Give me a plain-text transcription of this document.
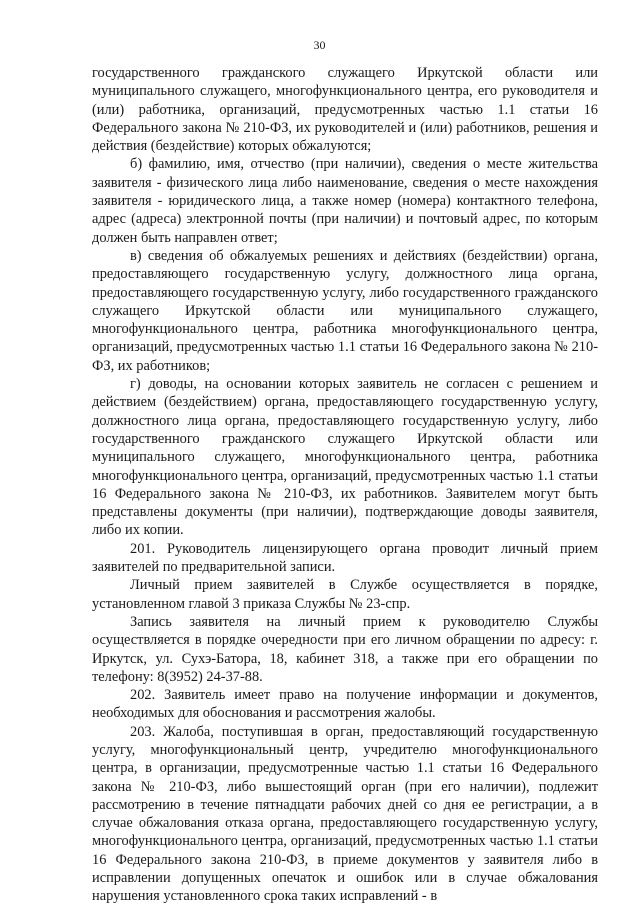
30

государственного гражданского служащего Иркутской области или муниципального служащего, многофункционального центра, его руководителя и (или) работника, организаций, предусмотренных частью 1.1 статьи 16 Федерального закона № 210-ФЗ, их руководителей и (или) работников, решения и действия (бездействие) которых обжалуются;

б) фамилию, имя, отчество (при наличии), сведения о месте жительства заявителя - физического лица либо наименование, сведения о месте нахождения заявителя - юридического лица, а также номер (номера) контактного телефона, адрес (адреса) электронной почты (при наличии) и почтовый адрес, по которым должен быть направлен ответ;

в) сведения об обжалуемых решениях и действиях (бездействии) органа, предоставляющего государственную услугу, должностного лица органа, предоставляющего государственную услугу, либо государственного гражданского служащего Иркутской области или муниципального служащего, многофункционального центра, работника многофункционального центра, организаций, предусмотренных частью 1.1 статьи 16 Федерального закона № 210-ФЗ, их работников;

г) доводы, на основании которых заявитель не согласен с решением и действием (бездействием) органа, предоставляющего государственную услугу, должностного лица органа, предоставляющего государственную услугу, либо государственного гражданского служащего Иркутской области или муниципального служащего, многофункционального центра, работника многофункционального центра, организаций, предусмотренных частью 1.1 статьи 16 Федерального закона № 210-ФЗ, их работников. Заявителем могут быть представлены документы (при наличии), подтверждающие доводы заявителя, либо их копии.

201. Руководитель лицензирующего органа проводит личный прием заявителей по предварительной записи.

Личный прием заявителей в Службе осуществляется в порядке, установленном главой 3 приказа Службы № 23-спр.

Запись заявителя на личный прием к руководителю Службы осуществляется в порядке очередности при его личном обращении по адресу: г. Иркутск, ул. Сухэ-Батора, 18, кабинет 318, а также при его обращении по телефону: 8(3952) 24-37-88.

202. Заявитель имеет право на получение информации и документов, необходимых для обоснования и рассмотрения жалобы.

203. Жалоба, поступившая в орган, предоставляющий государственную услугу, многофункциональный центр, учредителю многофункционального центра, в организации, предусмотренные частью 1.1 статьи 16 Федерального закона № 210-ФЗ, либо вышестоящий орган (при его наличии), подлежит рассмотрению в течение пятнадцати рабочих дней со дня ее регистрации, а в случае обжалования отказа органа, предоставляющего государственную услугу, многофункционального центра, организаций, предусмотренных частью 1.1 статьи 16 Федерального закона 210-ФЗ, в приеме документов у заявителя либо в исправлении допущенных опечаток и ошибок или в случае обжалования нарушения установленного срока таких исправлений - в
